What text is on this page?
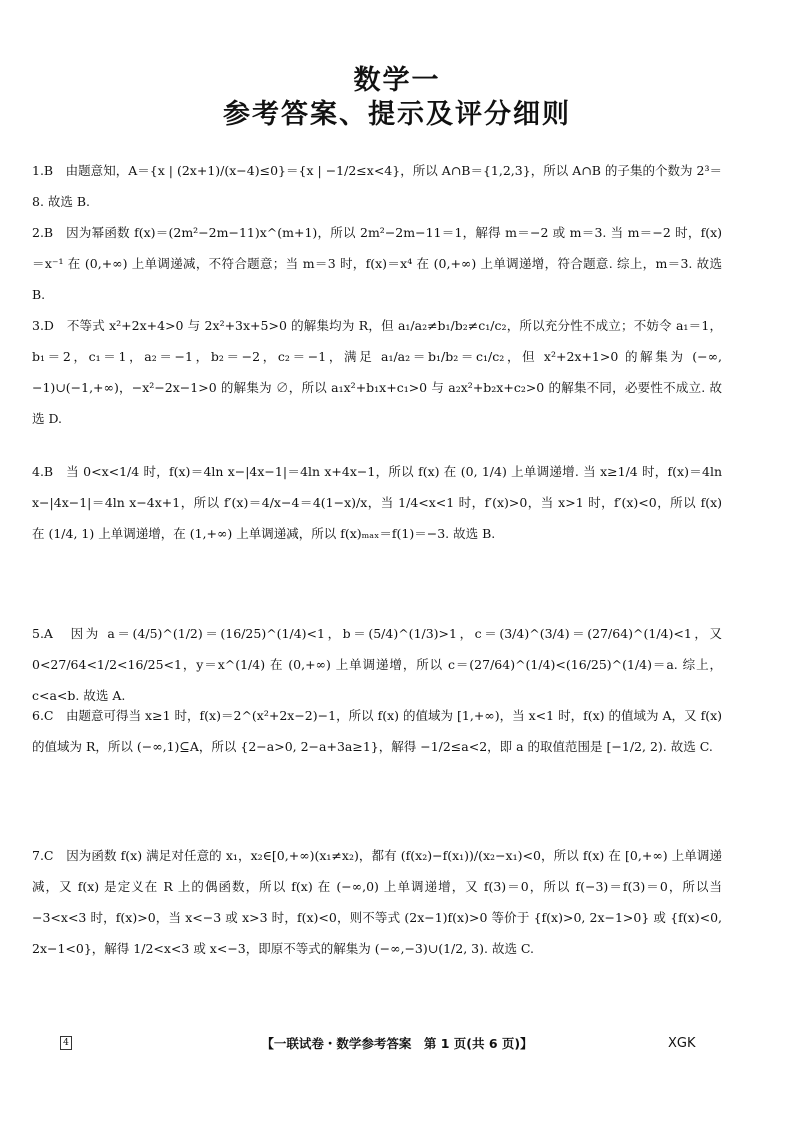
数学一
参考答案、提示及评分细则
1.B　由题意知，A＝{x | (2x+1)/(x−4)≤0}＝{x | −1/2≤x<4}，所以 A∩B＝{1,2,3}，所以 A∩B 的子集的个数为 2³＝8. 故选 B.
2.B　因为幂函数 f(x)＝(2m²−2m−11)x^(m+1)，所以 2m²−2m−11＝1，解得 m＝−2 或 m＝3. 当 m＝−2 时，f(x)＝x⁻¹ 在 (0,+∞) 上单调递减，不符合题意；当 m＝3 时，f(x)＝x⁴ 在 (0,+∞) 上单调递增，符合题意. 综上，m＝3. 故选 B.
3.D　不等式 x²+2x+4>0 与 2x²+3x+5>0 的解集均为 R，但 a₁/a₂≠b₁/b₂≠c₁/c₂，所以充分性不成立；不妨令 a₁＝1，b₁＝2，c₁＝1，a₂＝−1，b₂＝−2，c₂＝−1，满足 a₁/a₂＝b₁/b₂＝c₁/c₂，但 x²+2x+1>0 的解集为 (−∞,−1)∪(−1,+∞)，−x²−2x−1>0 的解集为 ∅，所以 a₁x²+b₁x+c₁>0 与 a₂x²+b₂x+c₂>0 的解集不同，必要性不成立. 故选 D.
4.B　当 0<x<1/4 时，f(x)＝4ln x−|4x−1|＝4ln x+4x−1，所以 f(x) 在 (0, 1/4) 上单调递增. 当 x≥1/4 时，f(x)＝4ln x−|4x−1|＝4ln x−4x+1，所以 f′(x)＝4/x−4＝4(1−x)/x，当 1/4<x<1 时，f′(x)>0，当 x>1 时，f′(x)<0，所以 f(x) 在 (1/4, 1) 上单调递增，在 (1,+∞) 上单调递减，所以 f(x)ₘₐₓ＝f(1)＝−3. 故选 B.
5.A　因为 a＝(4/5)^(1/2)＝(16/25)^(1/4)<1，b＝(5/4)^(1/3)>1，c＝(3/4)^(3/4)＝(27/64)^(1/4)<1，又 0<27/64<1/2<16/25<1，y＝x^(1/4) 在 (0,+∞) 上单调递增，所以 c＝(27/64)^(1/4)<(16/25)^(1/4)＝a. 综上，c<a<b. 故选 A.
6.C　由题意可得当 x≥1 时，f(x)＝2^(x²+2x−2)−1，所以 f(x) 的值域为 [1,+∞)，当 x<1 时，f(x) 的值域为 A，又 f(x) 的值域为 R，所以 (−∞,1)⊆A，所以 {2−a>0, 2−a+3a≥1}，解得 −1/2≤a<2，即 a 的取值范围是 [−1/2, 2). 故选 C.
7.C　因为函数 f(x) 满足对任意的 x₁，x₂∈[0,+∞)(x₁≠x₂)，都有 (f(x₂)−f(x₁))/(x₂−x₁)<0，所以 f(x) 在 [0,+∞) 上单调递减，又 f(x) 是定义在 R 上的偶函数，所以 f(x) 在 (−∞,0) 上单调递增，又 f(3)＝0，所以 f(−3)＝f(3)＝0，所以当 −3<x<3 时，f(x)>0，当 x<−3 或 x>3 时，f(x)<0，则不等式 (2x−1)f(x)>0 等价于 {f(x)>0, 2x−1>0} 或 {f(x)<0, 2x−1<0}，解得 1/2<x<3 或 x<−3，即原不等式的解集为 (−∞,−3)∪(1/2, 3). 故选 C.
4	【一联试卷・数学参考答案　第 1 页(共 6 页)】	XGK
